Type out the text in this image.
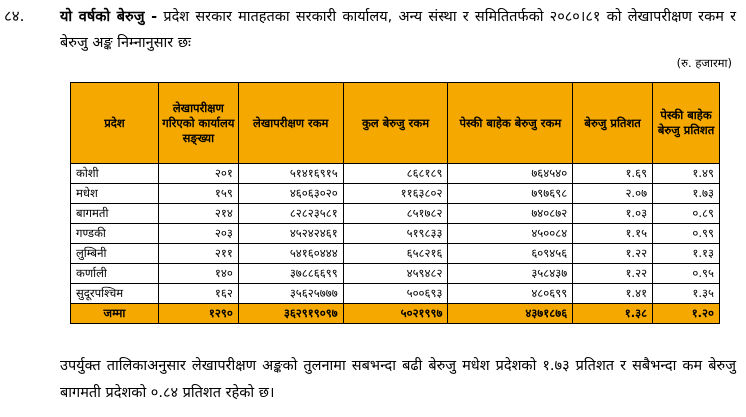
८४. यो वर्षको बेरुजु - प्रदेश सरकार मातहतका सरकारी कार्यालय, अन्य संस्था र समितितर्फको २०८०।८१ को लेखापरीक्षण रकम र बेरुजु अङ्क निम्नानुसार छः
(रु. हजारमा)
प्रदेश	लेखापरीक्षण गरिएको कार्यालय सङ्ख्या	लेखापरीक्षण रकम	कुल बेरुजु रकम	पेस्की बाहेक बेरुजु रकम	बेरुजु प्रतिशत	पेस्की बाहेक बेरुजु प्रतिशत
कोशी	२०१	५१४१६९१५	८६८१८९	७६४५४०	१.६९	१.४९
मधेश	१५९	४६०६३०२०	११६३८०२	७९७६९८	२.०७	१.७३
बागमती	२१४	८२८२३५८१	८५१७८२	७४०८७२	१.०३	०.८९
गण्डकी	२०३	४५२४२४६१	५१९८३३	४५००८४	१.१५	०.९९
लुम्बिनी	२११	५४१६०४४४	६५८२१६	६०९४५६	१.२२	१.१३
कर्णाली	१४०	३७८८६६९९	४५९४८२	३५८४३७	१.२२	०.९५
सुदूरपश्चिम	१६२	३५६२५७७७	५००६९३	४८०६९९	१.४१	१.३५
जम्मा	१२९०	३६२९१९०९७	५०२१९९७	४३७१८७६	१.३८	१.२०
उपर्युक्त तालिकाअनुसार लेखापरीक्षण अङ्कको तुलनामा सबभन्दा बढी बेरुजु मधेश प्रदेशको १.७३ प्रतिशत र सबैभन्दा कम बेरुजु बागमती प्रदेशको ०.८४ प्रतिशत रहेको छ।
